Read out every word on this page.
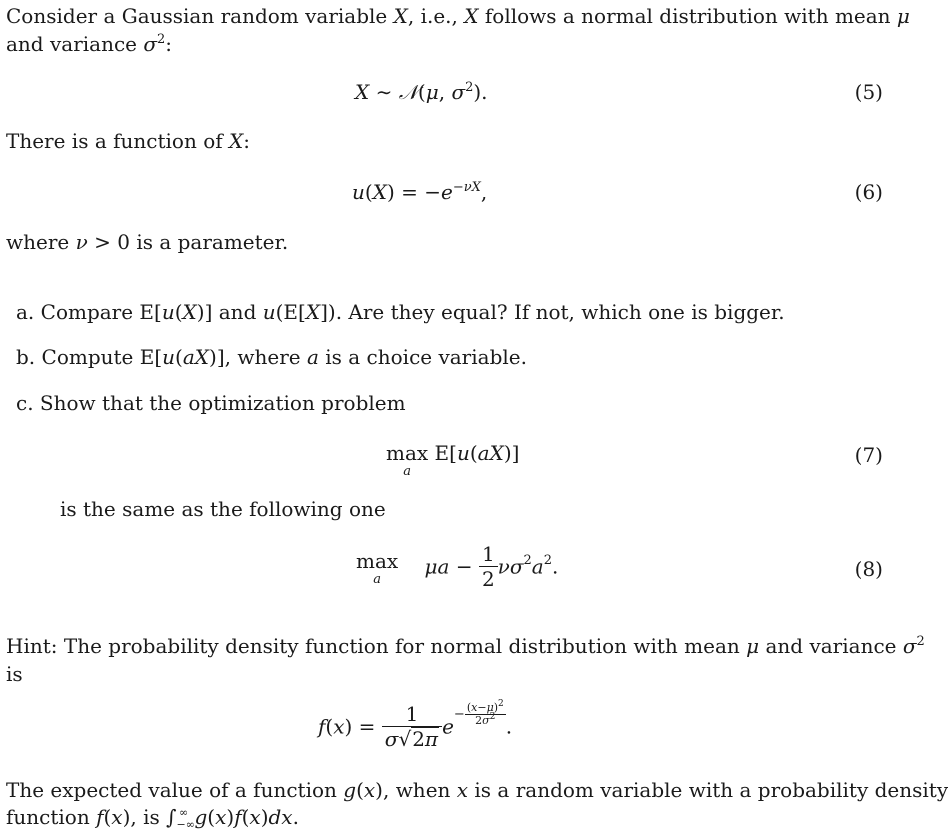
Consider a Gaussian random variable X, i.e., X follows a normal distribution with mean μ
and variance $\sigma^2$:
X ∼ 𝒩(μ, $\sigma^2$).	(5)
There is a function of X:
$u(X) = -e^{-\nu X}$,	(6)
where ν > 0 is a parameter.
a. Compare E[u(X)] and u(E[X]). Are they equal? If not, which one is bigger.
b. Compute E[u(aX)], where a is a choice variable.
c. Show that the optimization problem
max
a
E[u(aX)]	(7)
is the same as the following one
max
a
$\mu a - \frac{1}{2} \nu\sigma^2a^2$.	(8)
Hint: The probability density function for normal distribution with mean μ and variance $\sigma^2$
is
$f(x) = \frac{1}{\sigma√2\pi} e- \frac{(x-\mu)^2}{2\sigma^2}$ .
The expected value of a function g(x), when x is a random variable with a probability density
function f(x), is $\int_{-\infty}^\infty$ g(x)f(x)dx.
